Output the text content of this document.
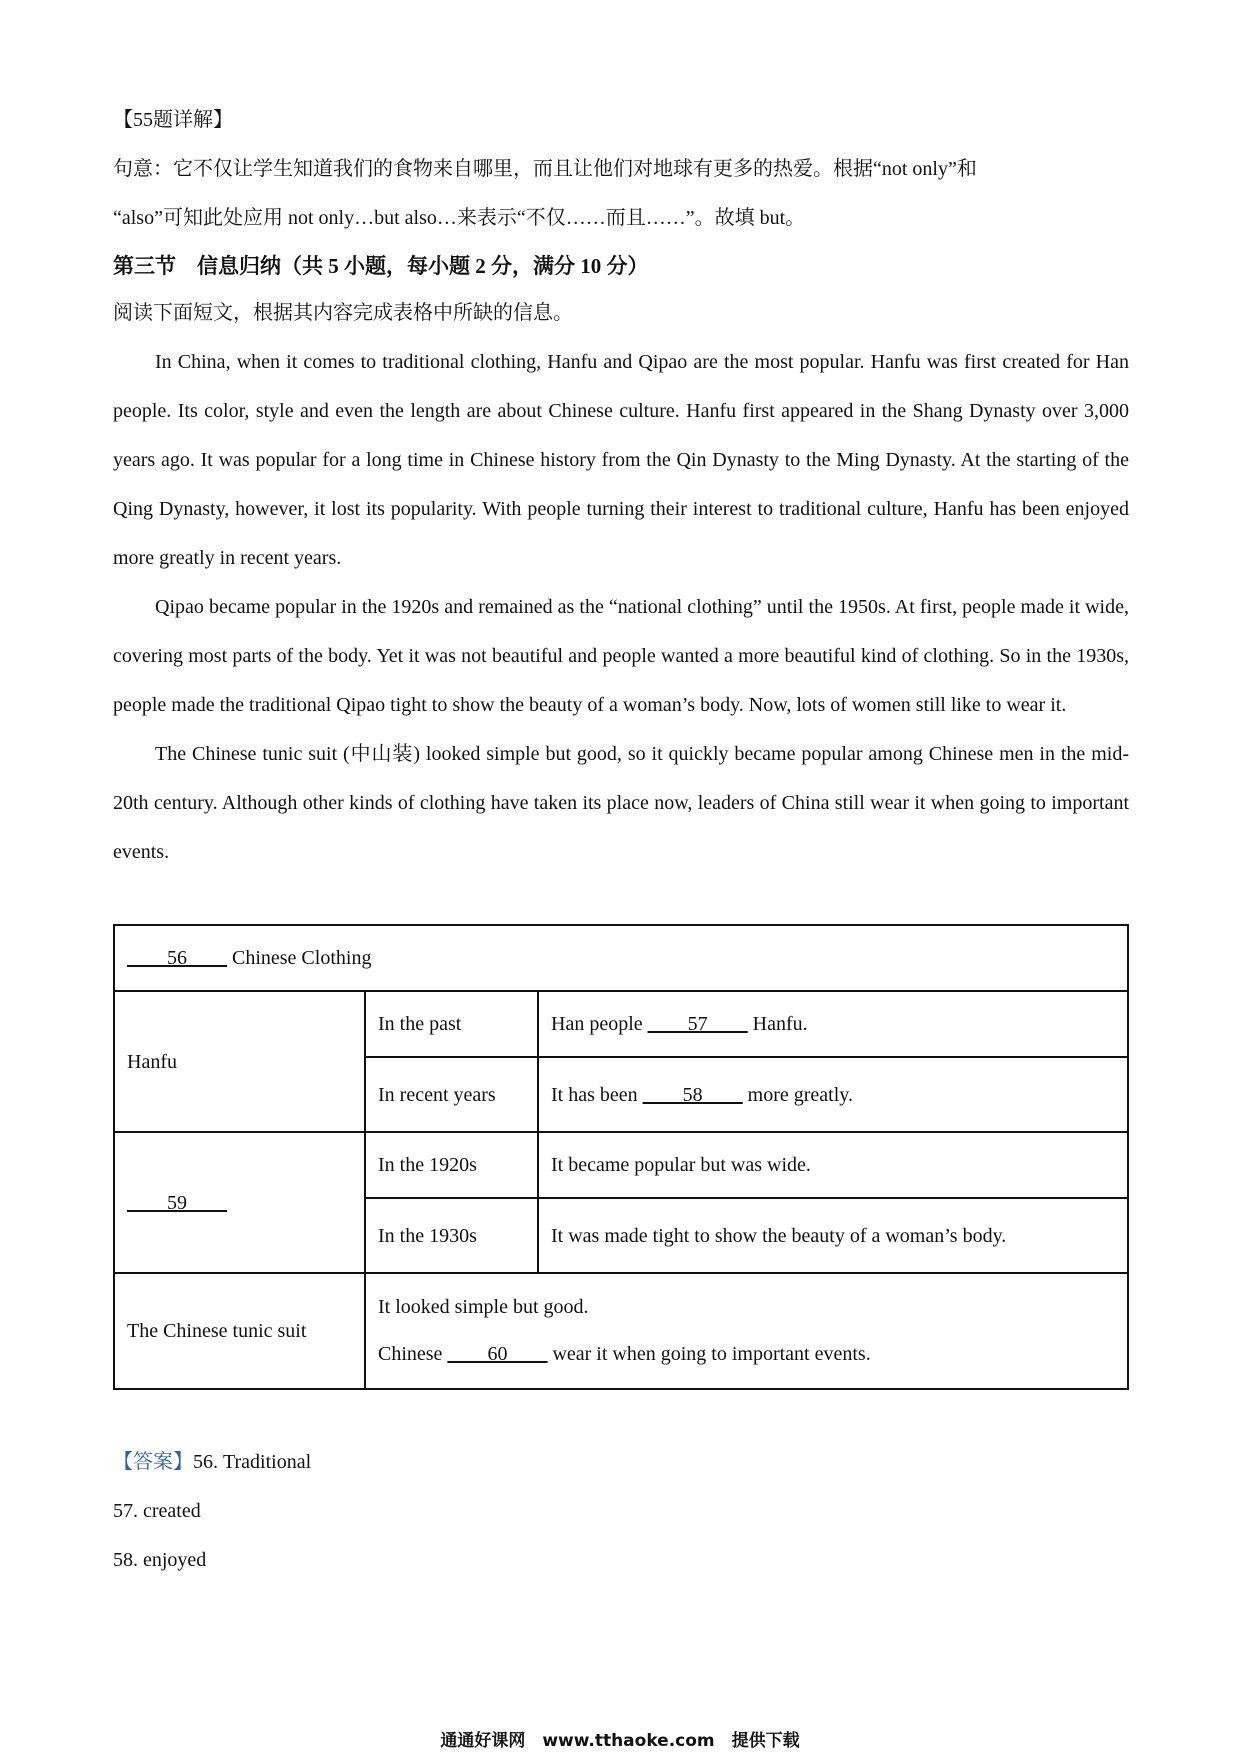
【55题详解】
句意：它不仅让学生知道我们的食物来自哪里，而且让他们对地球有更多的热爱。根据“not only”和
“also”可知此处应用 not only…but also…来表示“不仅……而且……”。故填 but。
第三节　信息归纳（共 5 小题，每小题 2 分，满分 10 分）
阅读下面短文，根据其内容完成表格中所缺的信息。

In China, when it comes to traditional clothing, Hanfu and Qipao are the most popular. Hanfu was first created for Han people. Its color, style and even the length are about Chinese culture. Hanfu first appeared in the Shang Dynasty over 3,000 years ago. It was popular for a long time in Chinese history from the Qin Dynasty to the Ming Dynasty. At the starting of the Qing Dynasty, however, it lost its popularity. With people turning their interest to traditional culture, Hanfu has been enjoyed more greatly in recent years.

Qipao became popular in the 1920s and remained as the “national clothing” until the 1950s. At first, people made it wide, covering most parts of the body. Yet it was not beautiful and people wanted a more beautiful kind of clothing. So in the 1930s, people made the traditional Qipao tight to show the beauty of a woman’s body. Now, lots of women still like to wear it.

The Chinese tunic suit (中山装) looked simple but good, so it quickly became popular among Chinese men in the mid-20th century. Although other kinds of clothing have taken its place now, leaders of China still wear it when going to important events.

____56____ Chinese Clothing		
Hanfu	In the past	Han people ____57____ Hanfu.
	In recent years	It has been ____58____ more greatly.
____59____	In the 1920s	It became popular but was wide.
	In the 1930s	It was made tight to show the beauty of a woman’s body.
The Chinese tunic suit	It looked simple but good.
Chinese ____60____ wear it when going to important events.	
【答案】56. Traditional
57. created
58. enjoyed
通通好课网　www.tthaoke.com　提供下载
